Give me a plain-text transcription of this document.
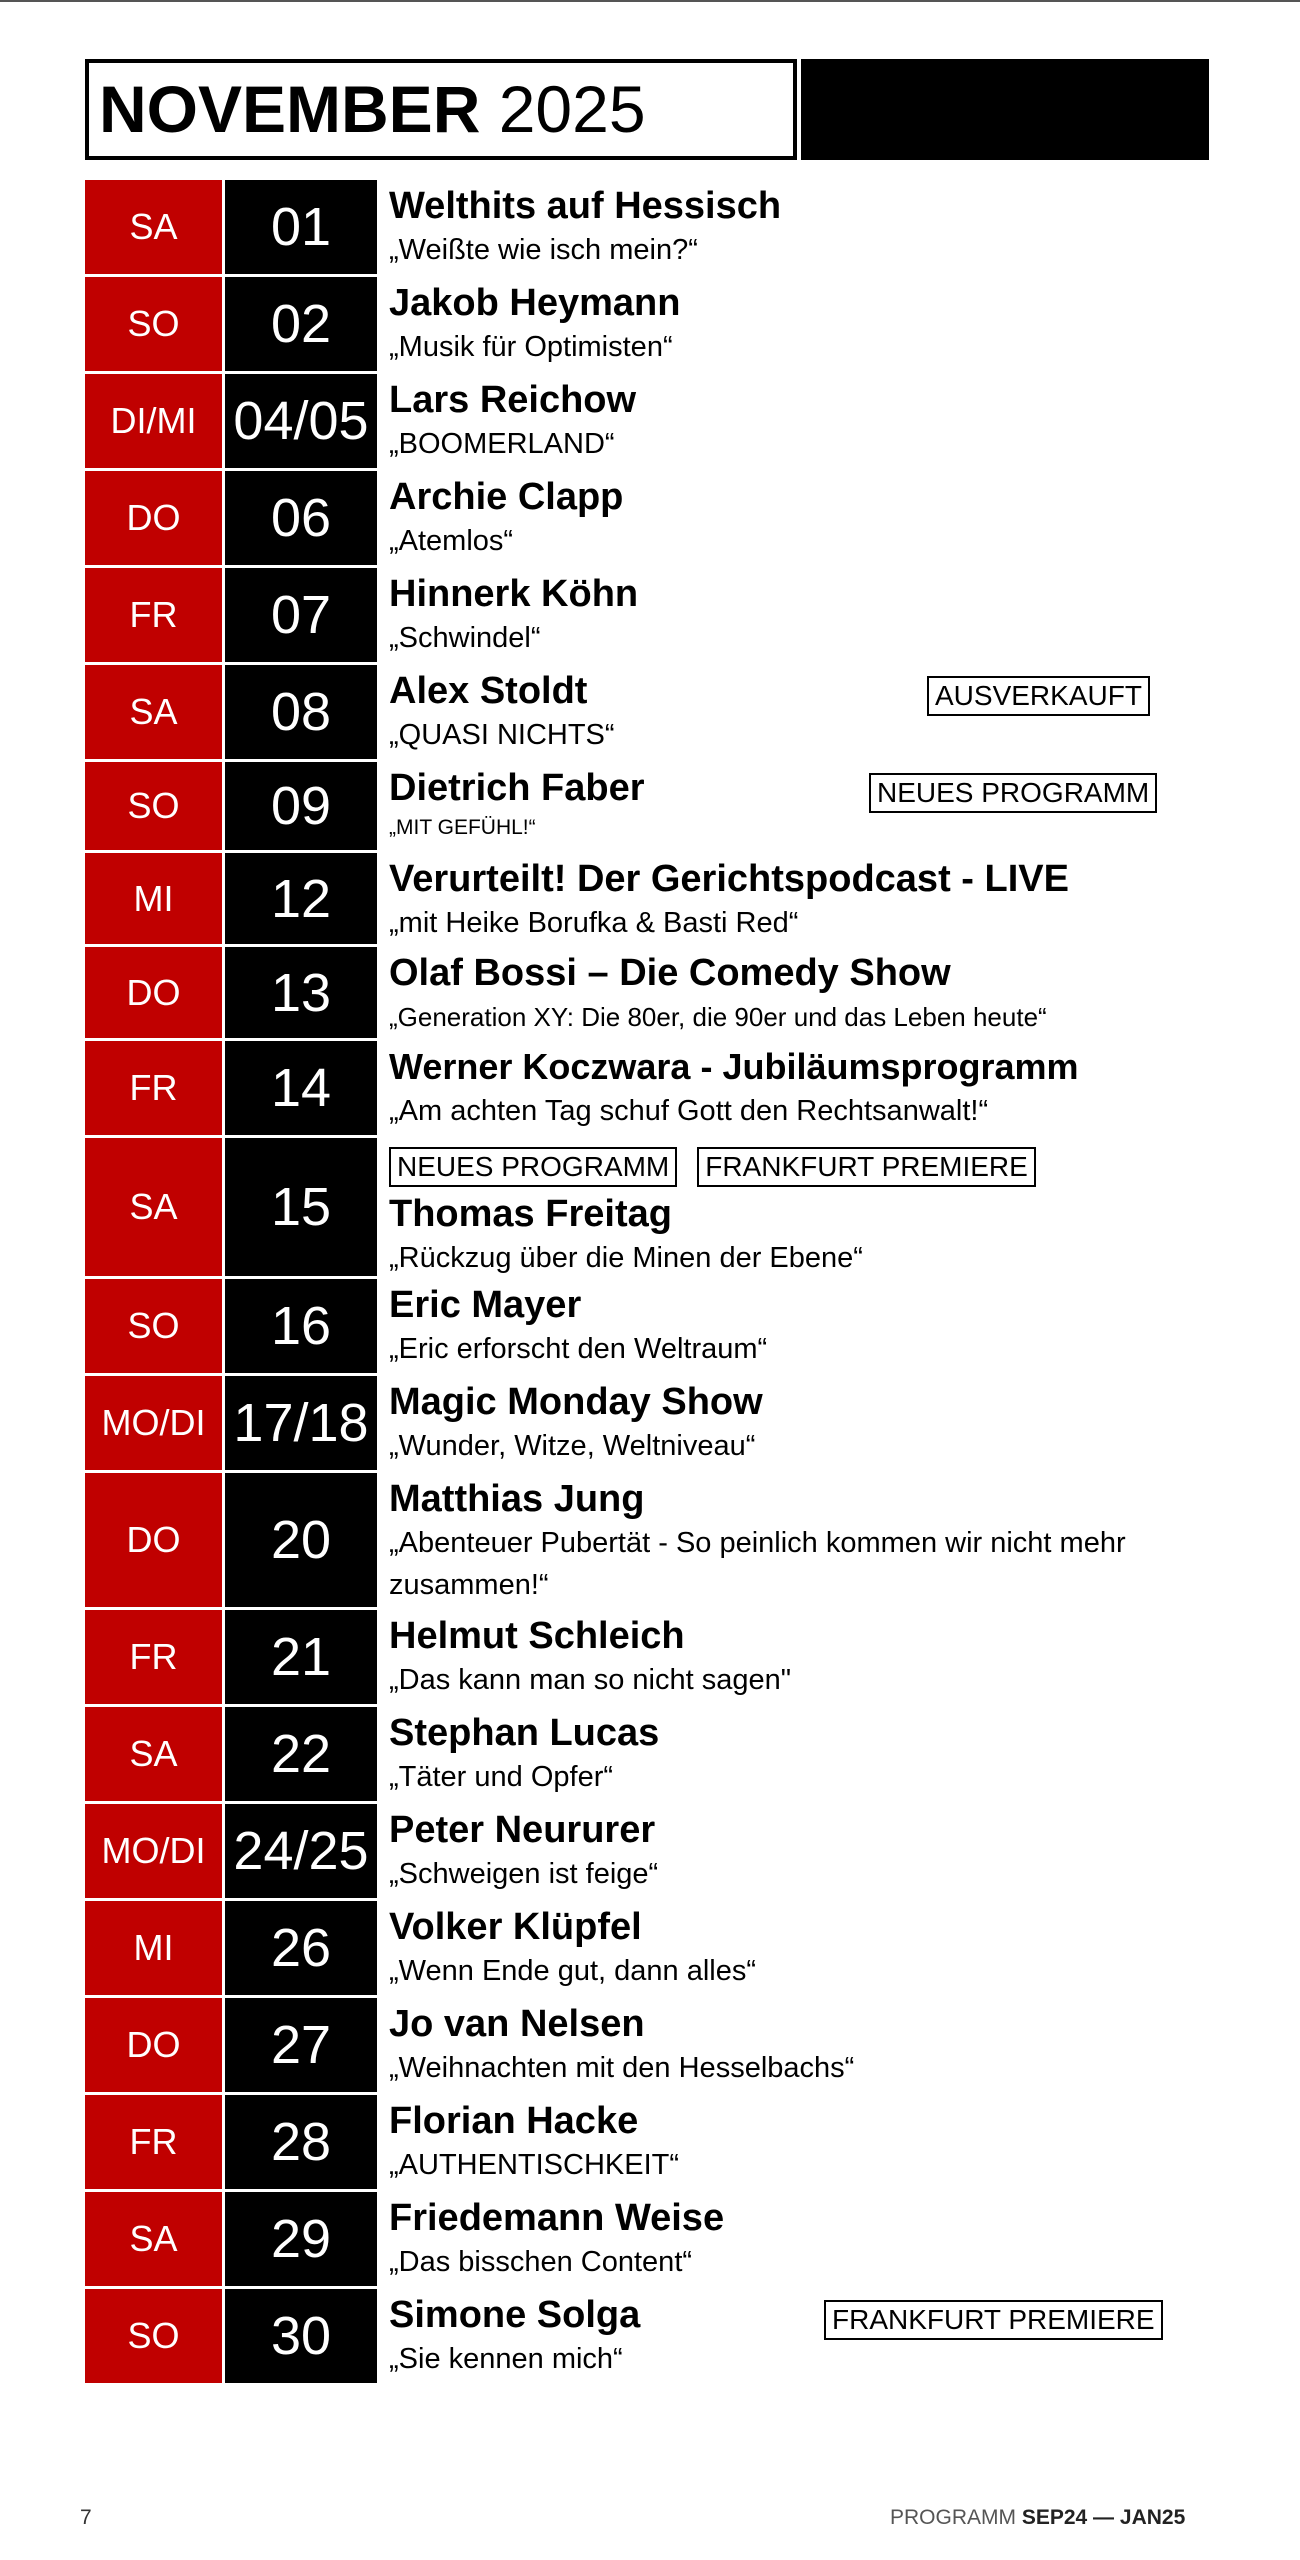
NOVEMBER 2025
SA	01	Welthits auf Hessisch
„Weißte wie isch mein?“
SO	02	Jakob Heymann
„Musik für Optimisten“
DI/MI 04/05 Lars Reichow
„BOOMERLAND“
DO	06	Archie Clapp
„Atemlos“
FR	07	Hinnerk Köhn
„Schwindel“
SA	08	Alex Stoldt
„QUASI NICHTS“
AUSVERKAUFT
SO	09	Dietrich Faber
„MIT GEFÜHL!“
NEUES PROGRAMM
MI	12	Verurteilt! Der Gerichtspodcast - LIVE
„mit Heike Borufka & Basti Red“
DO	13	Olaf Bossi – Die Comedy Show
„Generation XY: Die 80er, die 90er und das Leben heute“
FR	14	Werner Koczwara - Jubiläumsprogramm
„Am achten Tag schuf Gott den Rechtsanwalt!“
SA	15
NEUES PROGRAMM FRANKFURT PREMIERE
Thomas Freitag
„Rückzug über die Minen der Ebene“
SO	16	Eric Mayer
„Eric erforscht den Weltraum“
MO/DI 17/18 Magic Monday Show
„Wunder, Witze, Weltniveau“
DO	20
Matthias Jung
„Abenteuer Pubertät - So peinlich kommen wir nicht mehr zusammen!“
FR	21	Helmut Schleich
„Das kann man so nicht sagen"
SA	22	Stephan Lucas
„Täter und Opfer“
MO/DI 24/25 Peter Neururer
„Schweigen ist feige“
MI	26	Volker Klüpfel
„Wenn Ende gut, dann alles“
DO	27	Jo van Nelsen
„Weihnachten mit den Hesselbachs“
FR	28	Florian Hacke
„AUTHENTISCHKEIT“
SA	29	Friedemann Weise
„Das bisschen Content“
SO	30	Simone Solga
„Sie kennen mich“
FRANKFURT PREMIERE
7	PROGRAMM SEP24 — JAN25
